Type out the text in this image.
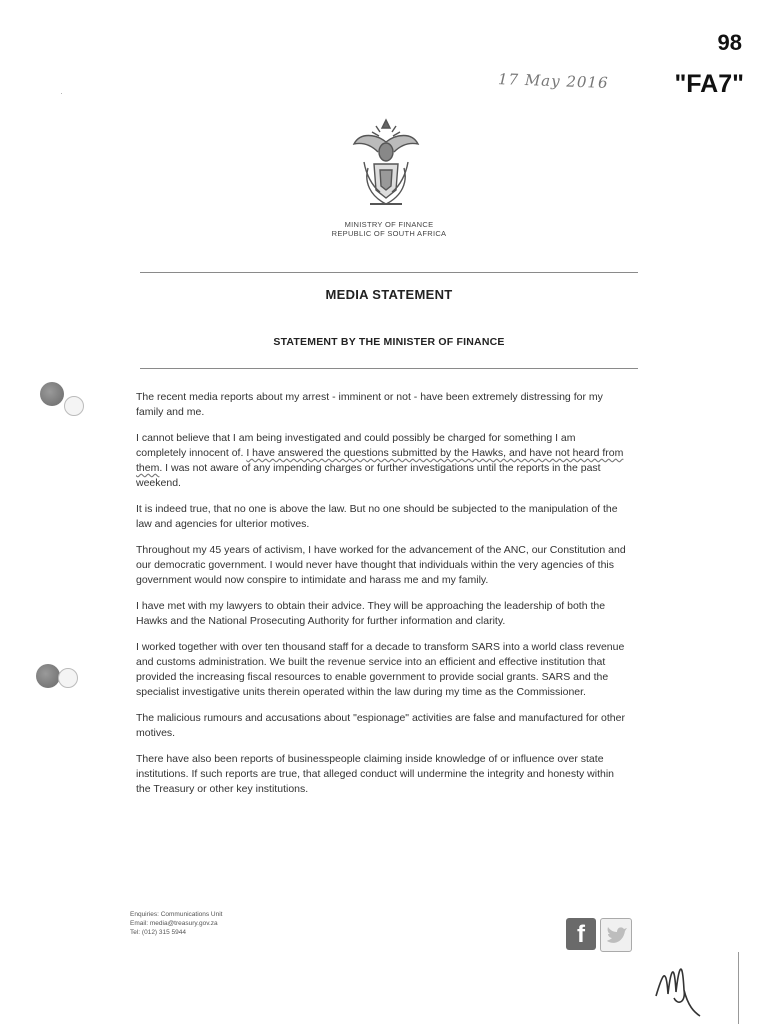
·
98
17 May 2016	"FA7"
MINISTRY OF FINANCE
REPUBLIC OF SOUTH AFRICA
MEDIA STATEMENT
STATEMENT BY THE MINISTER OF FINANCE

The recent media reports about my arrest - imminent or not - have been extremely distressing for my family and me.

I cannot believe that I am being investigated and could possibly be charged for something I am completely innocent of. I have answered the questions submitted by the Hawks, and have not heard from them. I was not aware of any impending charges or further investigations until the reports in the past weekend.

It is indeed true, that no one is above the law. But no one should be subjected to the manipulation of the law and agencies for ulterior motives.

Throughout my 45 years of activism, I have worked for the advancement of the ANC, our Constitution and our democratic government. I would never have thought that individuals within the very agencies of this government would now conspire to intimidate and harass me and my family.

I have met with my lawyers to obtain their advice. They will be approaching the leadership of both the Hawks and the National Prosecuting Authority for further information and clarity.

I worked together with over ten thousand staff for a decade to transform SARS into a world class revenue and customs administration. We built the revenue service into an efficient and effective institution that provided the increasing fiscal resources to enable government to provide social grants. SARS and the specialist investigative units therein operated within the law during my time as the Commissioner.

The malicious rumours and accusations about "espionage" activities are false and manufactured for other motives.

There have also been reports of businesspeople claiming inside knowledge of or influence over state institutions. If such reports are true, that alleged conduct will undermine the integrity and honesty within the Treasury or other key institutions.

Enquiries: Communications Unit
Email: media@treasury.gov.za
Tel: (012) 315 5944	f
